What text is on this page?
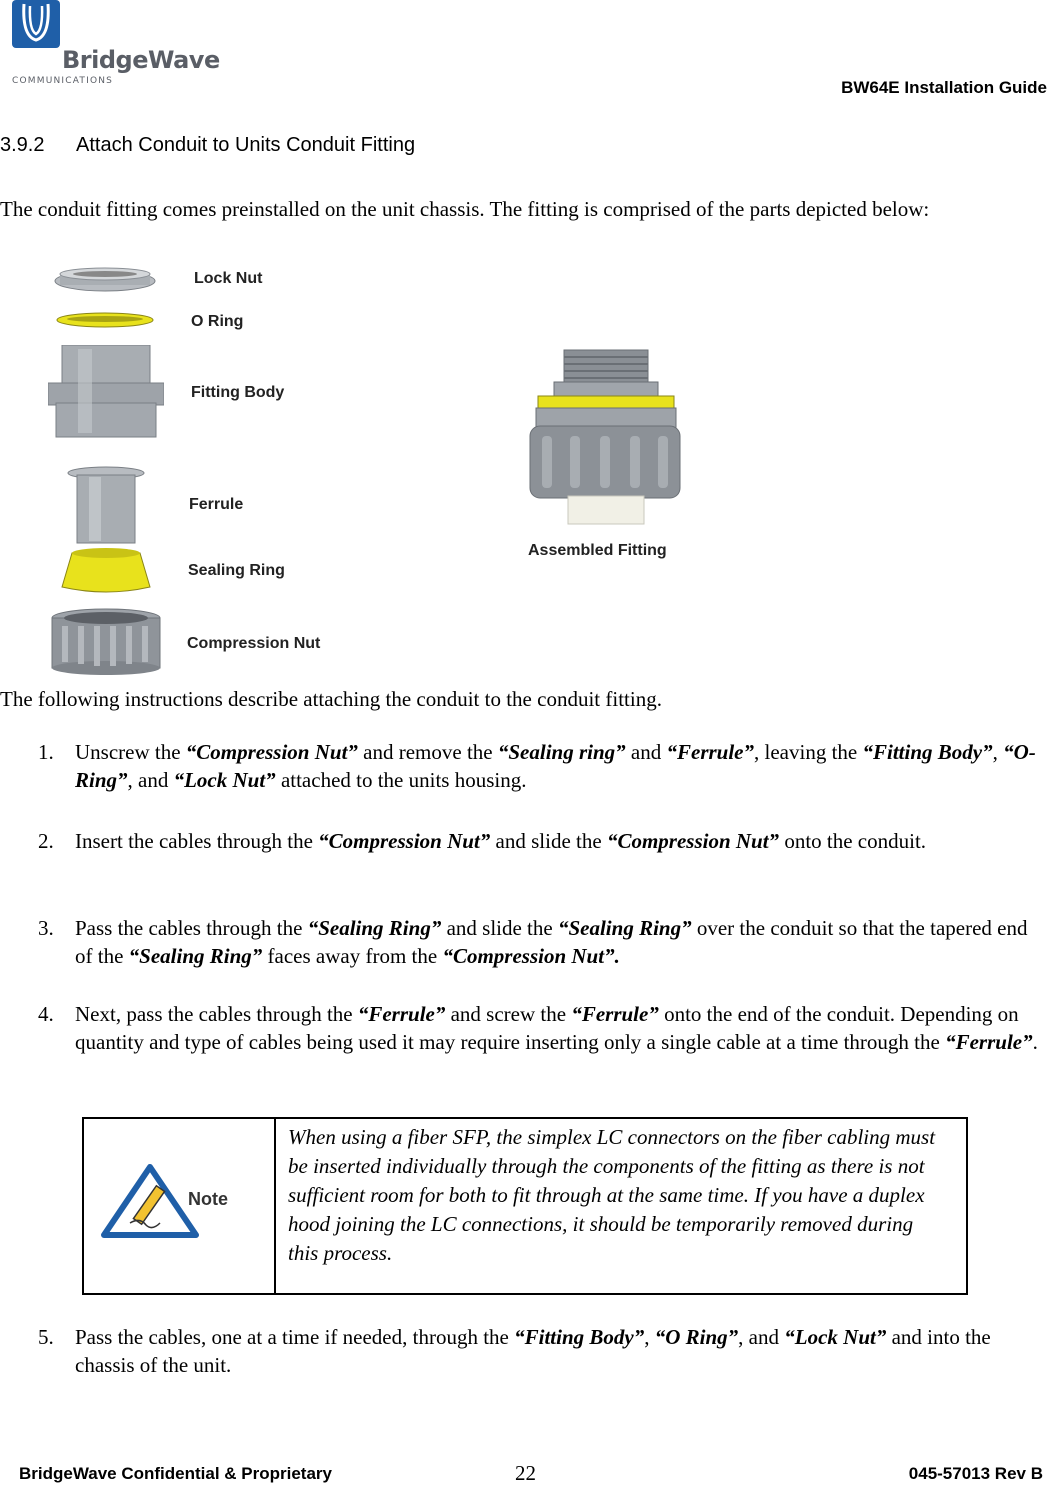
BridgeWave
COMMUNICATIONS	BW64E Installation Guide
3.9.2 Attach Conduit to Units Conduit Fitting
The conduit fitting comes preinstalled on the unit chassis. The fitting is comprised of the parts depicted below:
Lock Nut
O Ring
Fitting Body
Ferrule
Sealing Ring
Compression Nut
Assembled Fitting
The following instructions describe attaching the conduit to the conduit fitting.
1. Unscrew the “Compression Nut” and remove the “Sealing ring” and “Ferrule”, leaving the “Fitting Body”, “O-Ring”, and “Lock Nut” attached to the units housing.
2. Insert the cables through the “Compression Nut” and slide the “Compression Nut” onto the conduit.
3. Pass the cables through the “Sealing Ring” and slide the “Sealing Ring” over the conduit so that the tapered end of the “Sealing Ring” faces away from the “Compression Nut”.
4. Next, pass the cables through the “Ferrule” and screw the “Ferrule” onto the end of the conduit. Depending on quantity and type of cables being used it may require inserting only a single cable at a time through the “Ferrule”.
5. Pass the cables, one at a time if needed, through the “Fitting Body”, “O Ring”, and “Lock Nut” and into the chassis of the unit.
Note
When using a fiber SFP, the simplex LC connectors on the fiber cabling must be inserted individually through the components of the fitting as there is not sufficient room for both to fit through at the same time. If you have a duplex hood joining the LC connections, it should be temporarily removed during this process.
BridgeWave Confidential & Proprietary	22	045-57013 Rev B
